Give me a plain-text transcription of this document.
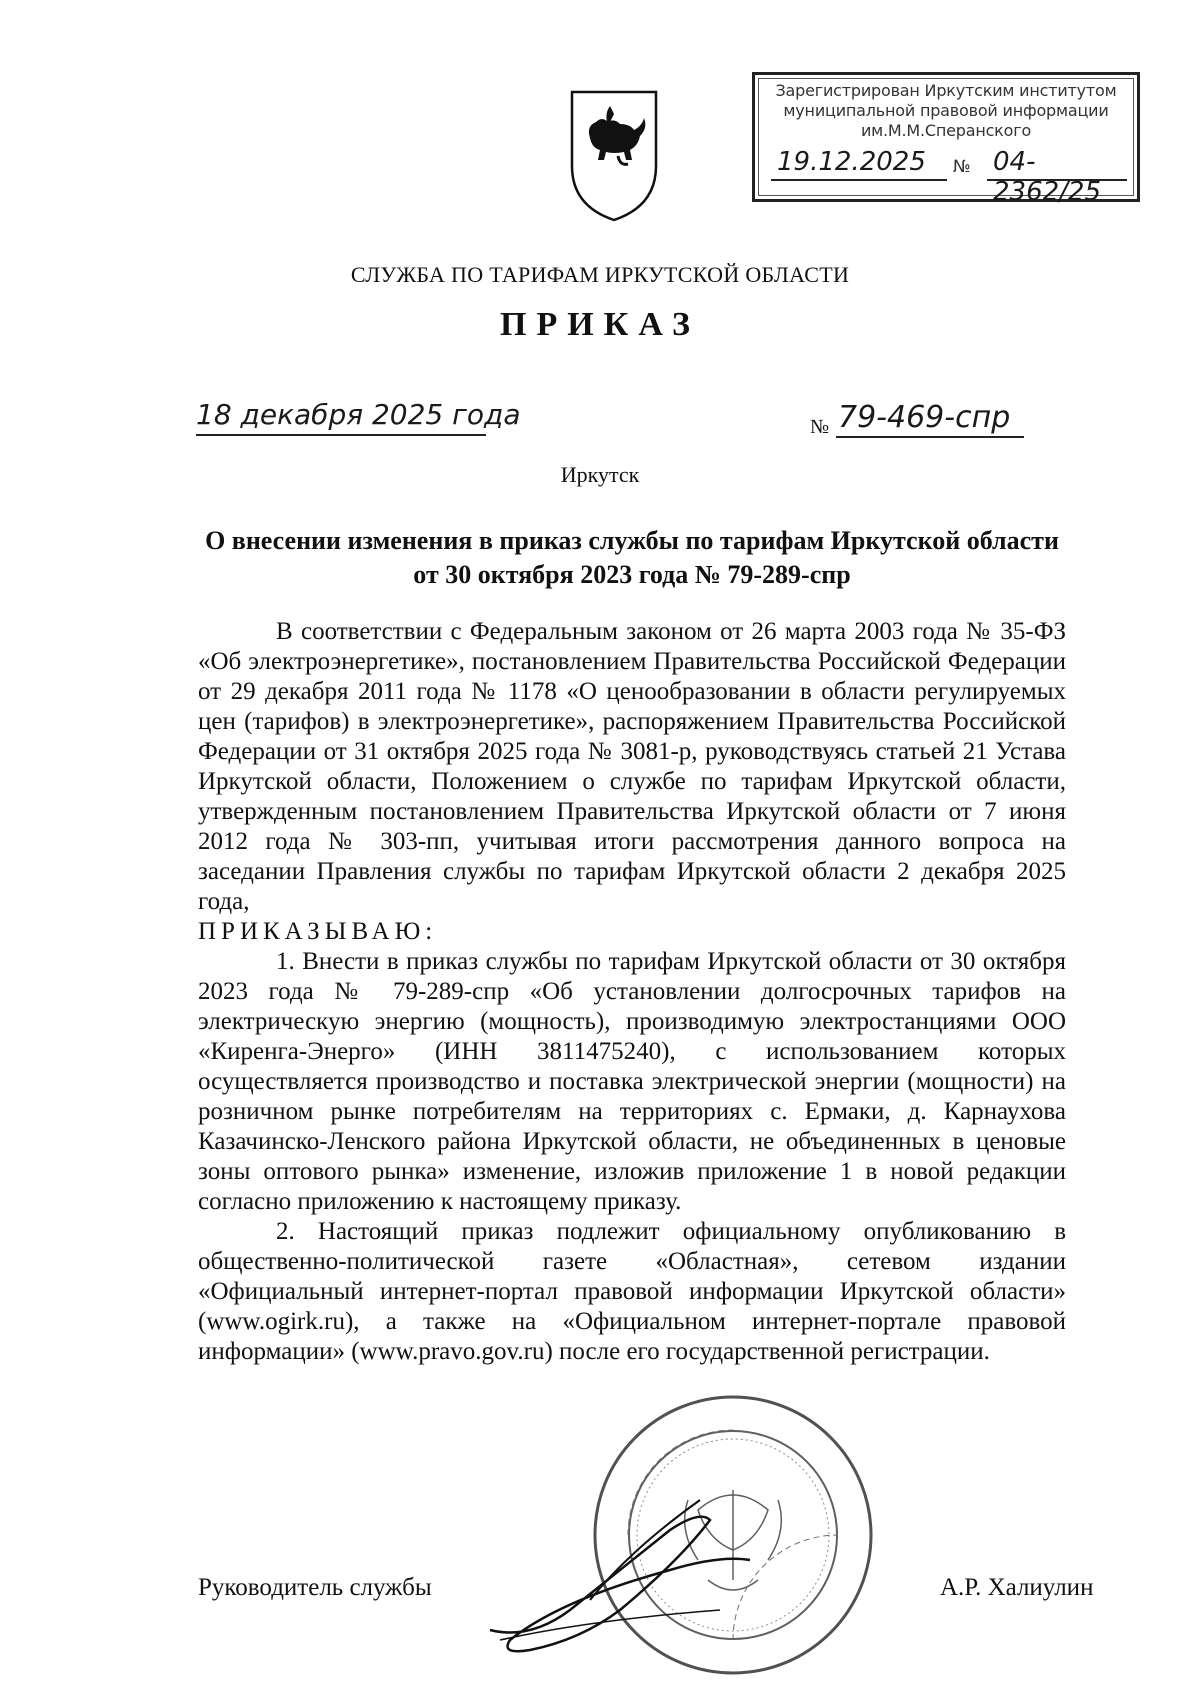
Зарегистрирован Иркутским институтом
муниципальной правовой информации
им.М.М.Сперанского
19.12.2025 № 04-2362/25
СЛУЖБА ПО ТАРИФАМ ИРКУТСКОЙ ОБЛАСТИ
ПРИКАЗ
18 декабря 2025 года	№ 79-469-спр
Иркутск
О внесении изменения в приказ службы по тарифам Иркутской области
от 30 октября 2023 года № 79-289-спр

В соответствии с Федеральным законом от 26 марта 2003 года № 35-ФЗ «Об электроэнергетике», постановлением Правительства Российской Федерации от 29 декабря 2011 года № 1178 «О ценообразовании в области регулируемых цен (тарифов) в электроэнергетике», распоряжением Правительства Российской Федерации от 31 октября 2025 года № 3081-р, руководствуясь статьей 21 Устава Иркутской области, Положением о службе по тарифам Иркутской области, утвержденным постановлением Правительства Иркутской области от 7 июня 2012 года № 303-пп, учитывая итоги рассмотрения данного вопроса на заседании Правления службы по тарифам Иркутской области 2 декабря 2025 года,

ПРИКАЗЫВАЮ:

1. Внести в приказ службы по тарифам Иркутской области от 30 октября 2023 года № 79-289-спр «Об установлении долгосрочных тарифов на электрическую энергию (мощность), производимую электростанциями ООО «Киренга-Энерго» (ИНН 3811475240), с использованием которых осуществляется производство и поставка электрической энергии (мощности) на розничном рынке потребителям на территориях с. Ермаки, д. Карнаухова Казачинско-Ленского района Иркутской области, не объединенных в ценовые зоны оптового рынка» изменение, изложив приложение 1 в новой редакции согласно приложению к настоящему приказу.

2. Настоящий приказ подлежит официальному опубликованию в общественно-политической газете «Областная», сетевом издании «Официальный интернет-портал правовой информации Иркутской области» (www.ogirk.ru), а также на «Официальном интернет-портале правовой информации» (www.pravo.gov.ru) после его государственной регистрации.

Руководитель службы	А.Р. Халиулин
